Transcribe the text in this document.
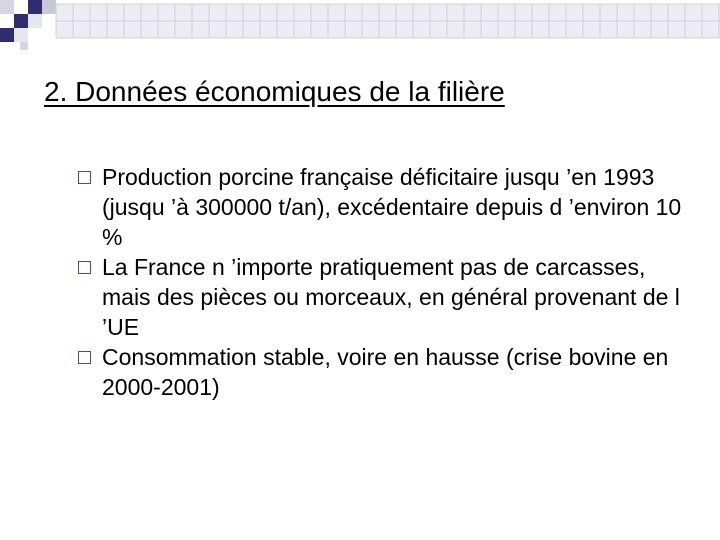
2. Données économiques de la filière
Production porcine française déficitaire jusqu ’en 1993 (jusqu ’à 300000 t/an), excédentaire depuis d ’environ 10 %
La France n ’importe pratiquement pas de carcasses, mais des pièces ou morceaux, en général provenant de l ’UE
Consommation stable, voire en hausse (crise bovine en 2000-2001)
